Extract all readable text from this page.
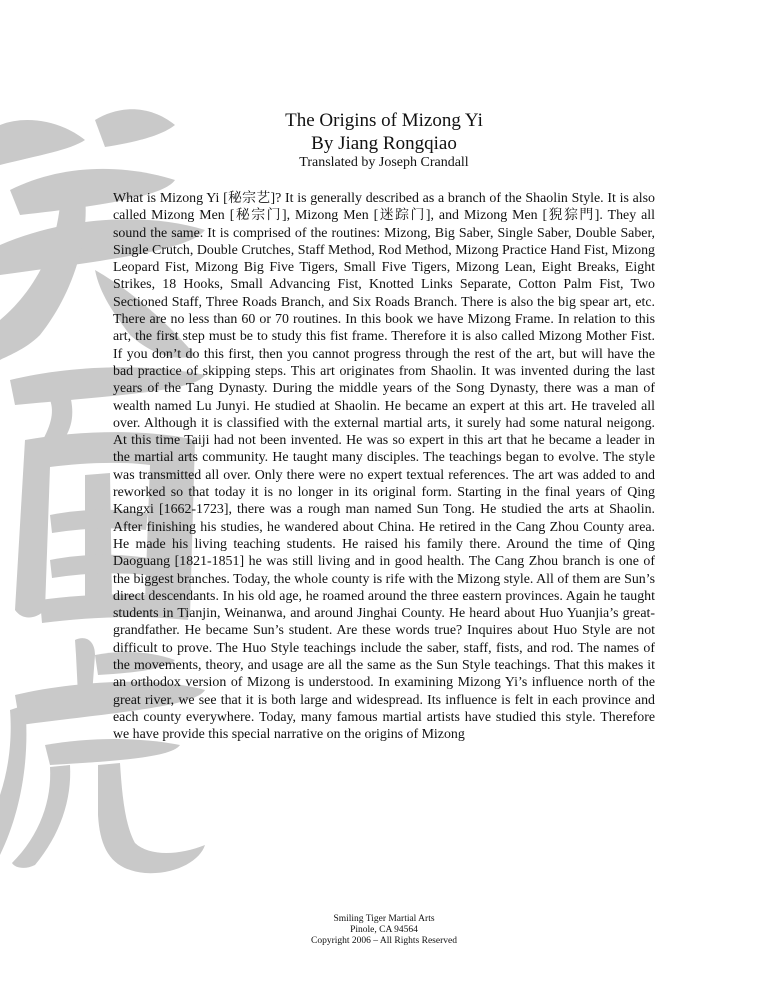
The Origins of Mizong Yi
By Jiang Rongqiao
Translated by Joseph Crandall

What is Mizong Yi [秘宗艺]? It is generally described as a branch of the Shaolin Style. It is also called Mizong Men [秘宗门], Mizong Men [迷踪门], and Mizong Men [猊猔門]. They all sound the same. It is comprised of the routines: Mizong, Big Saber, Single Saber, Double Saber, Single Crutch, Double Crutches, Staff Method, Rod Method, Mizong Practice Hand Fist, Mizong Leopard Fist, Mizong Big Five Tigers, Small Five Tigers, Mizong Lean, Eight Breaks, Eight Strikes, 18 Hooks, Small Advancing Fist, Knotted Links Separate, Cotton Palm Fist, Two Sectioned Staff, Three Roads Branch, and Six Roads Branch. There is also the big spear art, etc. There are no less than 60 or 70 routines. In this book we have Mizong Frame. In relation to this art, the first step must be to study this fist frame. Therefore it is also called Mizong Mother Fist. If you don’t do this first, then you cannot progress through the rest of the art, but will have the bad practice of skipping steps. This art originates from Shaolin. It was invented during the last years of the Tang Dynasty. During the middle years of the Song Dynasty, there was a man of wealth named Lu Junyi. He studied at Shaolin. He became an expert at this art. He traveled all over. Although it is classified with the external martial arts, it surely had some natural neigong. At this time Taiji had not been invented. He was so expert in this art that he became a leader in the martial arts community. He taught many disciples. The teachings began to evolve. The style was transmitted all over. Only there were no expert textual references. The art was added to and reworked so that today it is no longer in its original form. Starting in the final years of Qing Kangxi [1662-1723], there was a rough man named Sun Tong. He studied the arts at Shaolin. After finishing his studies, he wandered about China. He retired in the Cang Zhou County area. He made his living teaching students. He raised his family there. Around the time of Qing Daoguang [1821-1851] he was still living and in good health. The Cang Zhou branch is one of the biggest branches. Today, the whole county is rife with the Mizong style. All of them are Sun’s direct descendants. In his old age, he roamed around the three eastern provinces. Again he taught students in Tianjin, Weinanwa, and around Jinghai County. He heard about Huo Yuanjia’s great-grandfather. He became Sun’s student. Are these words true? Inquires about Huo Style are not difficult to prove. The Huo Style teachings include the saber, staff, fists, and rod. The names of the movements, theory, and usage are all the same as the Sun Style teachings. That this makes it an orthodox version of Mizong is understood. In examining Mizong Yi’s influence north of the great river, we see that it is both large and widespread. Its influence is felt in each province and each county everywhere. Today, many famous martial artists have studied this style. Therefore we have provide this special narrative on the origins of Mizong

Smiling Tiger Martial Arts
Pinole, CA 94564
Copyright 2006 – All Rights Reserved
